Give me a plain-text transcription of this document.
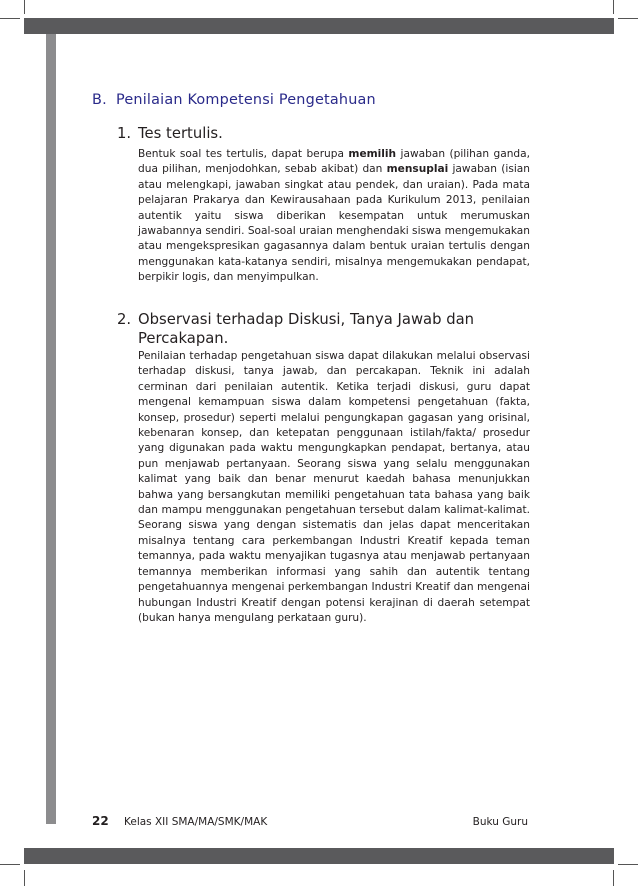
B. Penilaian Kompetensi Pengetahuan
1. Tes tertulis.
Bentuk soal tes tertulis, dapat berupa memilih jawaban (pilihan ganda, dua pilihan, menjodohkan, sebab akibat) dan mensuplai jawaban (isian atau melengkapi, jawaban singkat atau pendek, dan uraian). Pada mata pelajaran Prakarya dan Kewirausahaan pada Kurikulum 2013, penilaian autentik yaitu siswa diberikan kesempatan untuk merumuskan jawabannya sendiri. Soal-soal uraian menghendaki siswa mengemukakan atau mengekspresikan gagasannya dalam bentuk uraian tertulis dengan menggunakan kata-katanya sendiri, misalnya mengemukakan pendapat, berpikir logis, dan menyimpulkan.
2. Observasi terhadap Diskusi, Tanya Jawab dan Percakapan.
Penilaian terhadap pengetahuan siswa dapat dilakukan melalui observasi terhadap diskusi, tanya jawab, dan percakapan. Teknik ini adalah cerminan dari penilaian autentik. Ketika terjadi diskusi, guru dapat mengenal kemampuan siswa dalam kompetensi pengetahuan (fakta, konsep, prosedur) seperti melalui pengungkapan gagasan yang orisinal, kebenaran konsep, dan ketepatan penggunaan istilah/fakta/ prosedur yang digunakan pada waktu mengungkapkan pendapat, bertanya, atau pun menjawab pertanyaan. Seorang siswa yang selalu menggunakan kalimat yang baik dan benar menurut kaedah bahasa menunjukkan bahwa yang bersangkutan memiliki pengetahuan tata bahasa yang baik dan mampu menggunakan pengetahuan tersebut dalam kalimat-kalimat. Seorang siswa yang dengan sistematis dan jelas dapat menceritakan misalnya tentang cara perkembangan Industri Kreatif kepada teman temannya, pada waktu menyajikan tugasnya atau menjawab pertanyaan temannya memberikan informasi yang sahih dan autentik tentang pengetahuannya mengenai perkembangan Industri Kreatif dan mengenai hubungan Industri Kreatif dengan potensi kerajinan di daerah setempat (bukan hanya mengulang perkataan guru).
22 Kelas XII SMA/MA/SMK/MAK	Buku Guru
